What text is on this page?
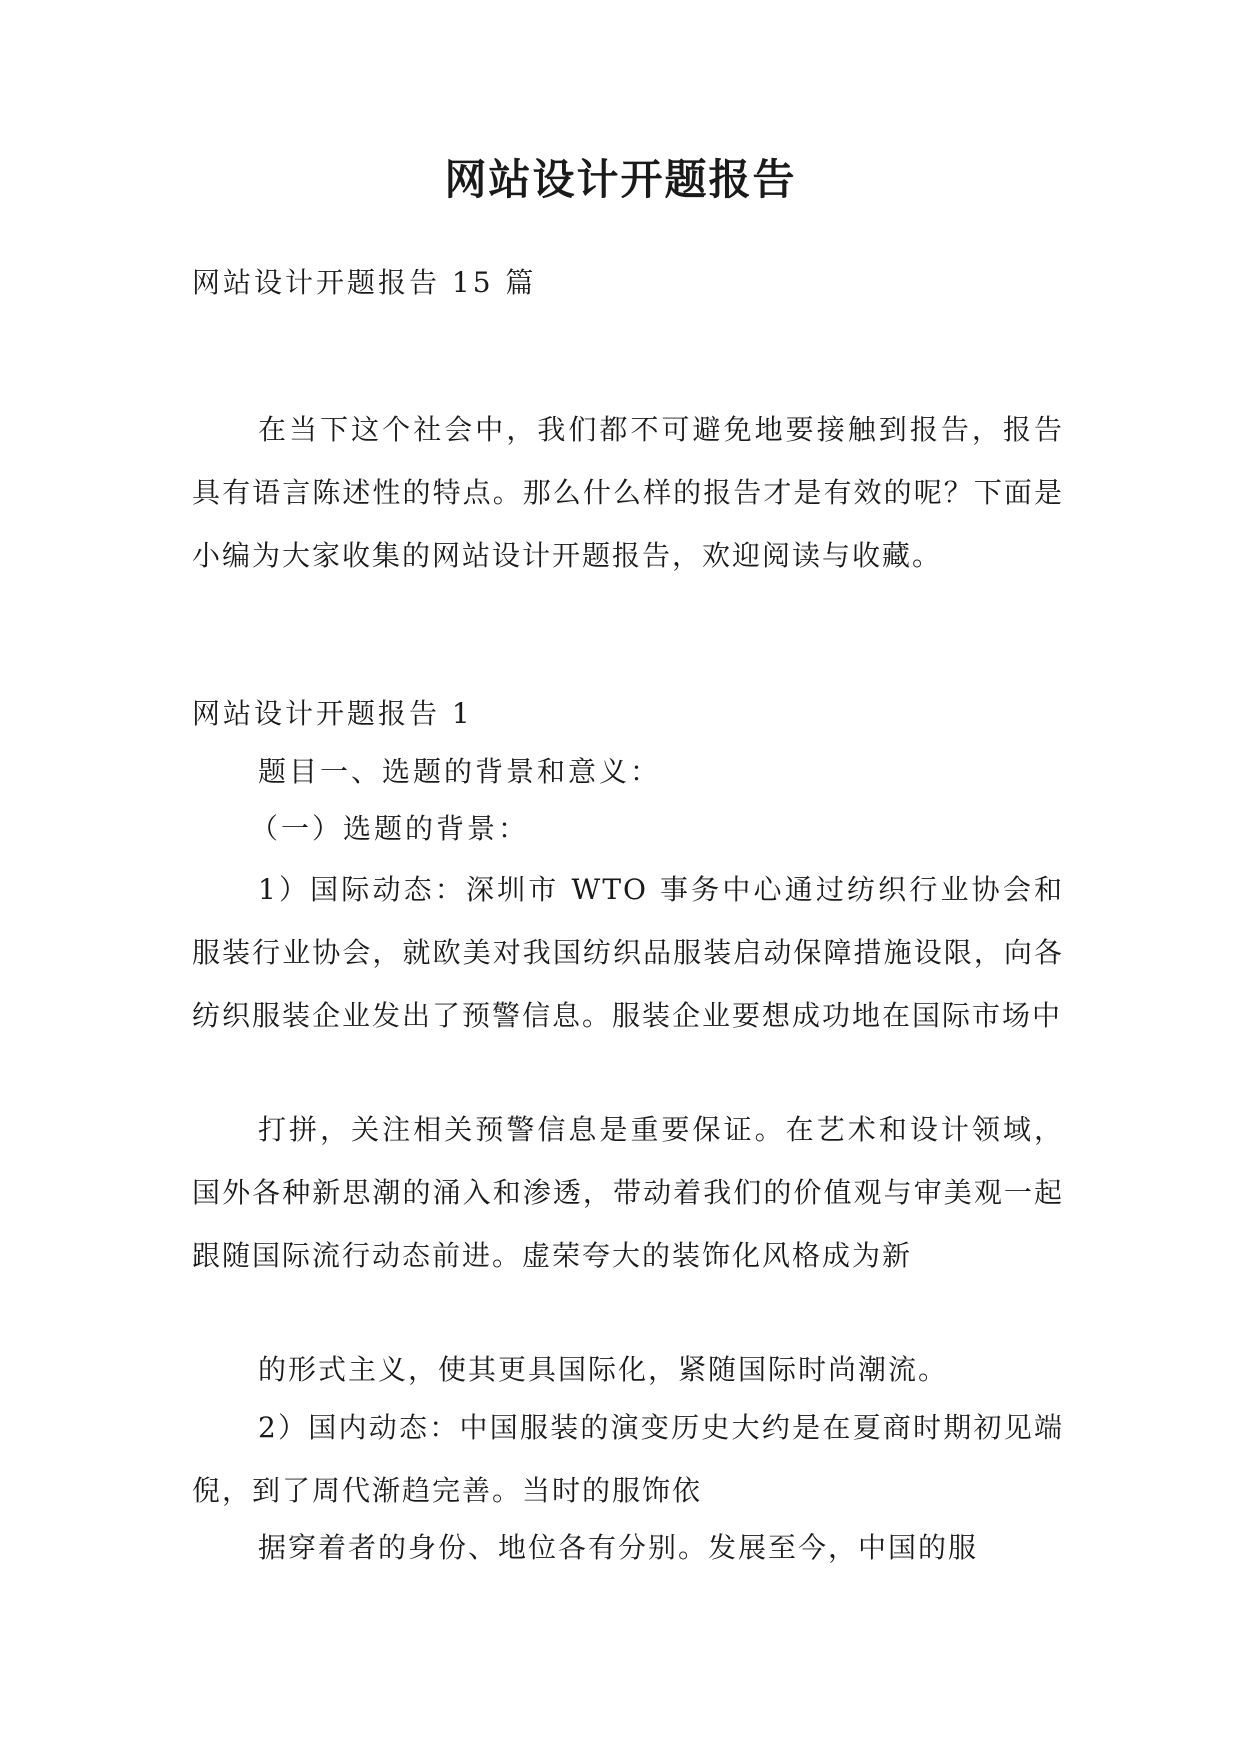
网站设计开题报告
网站设计开题报告 15 篇
在当下这个社会中，我们都不可避免地要接触到报告，报告具有语言陈述性的特点。那么什么样的报告才是有效的呢？下面是小编为大家收集的网站设计开题报告，欢迎阅读与收藏。
网站设计开题报告 1
题目一、选题的背景和意义：
（一）选题的背景：
1）国际动态：深圳市 WTO 事务中心通过纺织行业协会和服装行业协会，就欧美对我国纺织品服装启动保障措施设限，向各纺织服装企业发出了预警信息。服装企业要想成功地在国际市场中
打拼，关注相关预警信息是重要保证。在艺术和设计领域，国外各种新思潮的涌入和渗透，带动着我们的价值观与审美观一起跟随国际流行动态前进。虚荣夸大的装饰化风格成为新
的形式主义，使其更具国际化，紧随国际时尚潮流。
2）国内动态：中国服装的演变历史大约是在夏商时期初见端倪，到了周代渐趋完善。当时的服饰依
据穿着者的身份、地位各有分别。发展至今，中国的服
